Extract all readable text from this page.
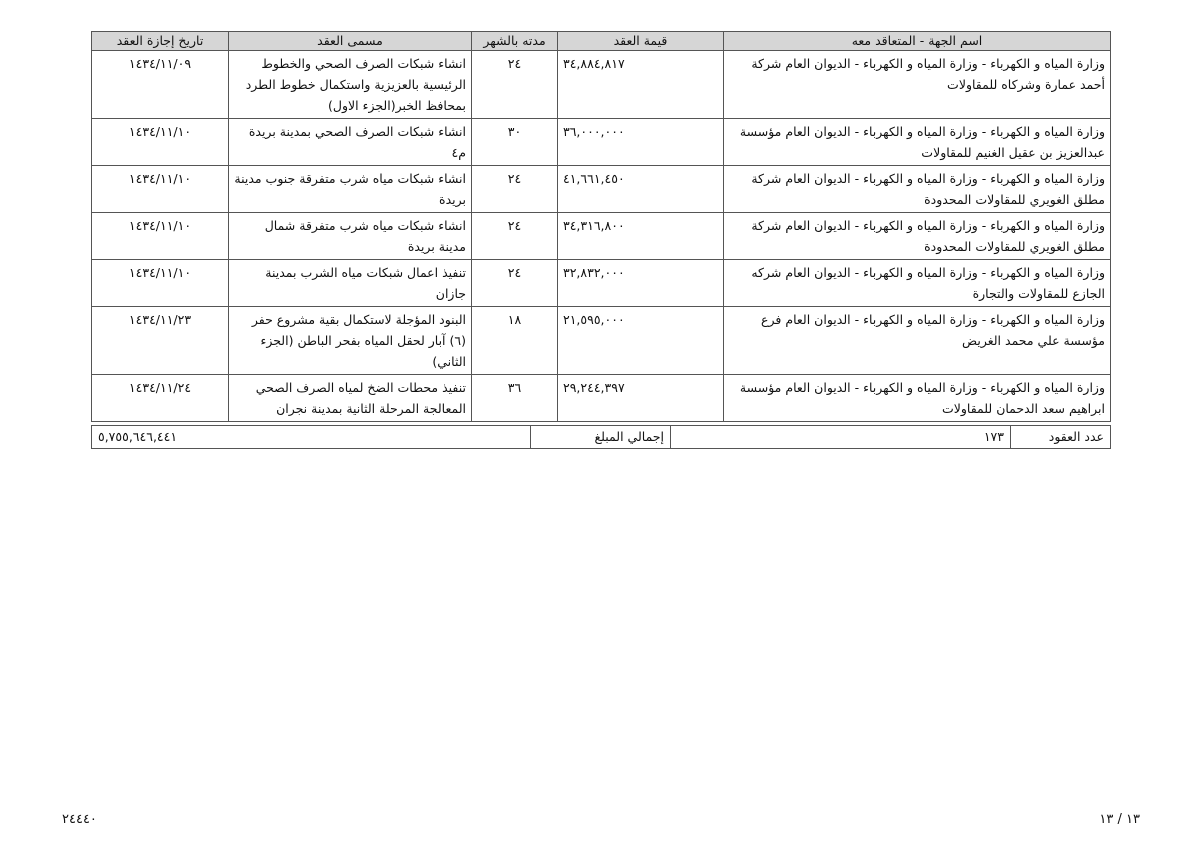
اسم الجهة - المتعاقد معه	قيمة العقد	مدته بالشهر	مسمى العقد	تاريخ إجازة العقد
وزارة المياه و الكهرباء - وزارة المياه و الكهرباء - الديوان العام شركة أحمد عمارة وشركاه للمقاولات	٣٤,٨٨٤,٨١٧	٢٤	انشاء شبكات الصرف الصحي والخطوط الرئيسية بالعزيزية واستكمال خطوط الطرد بمحافظ الخبر(الجزء الاول)	١٤٣٤/١١/٠٩
وزارة المياه و الكهرباء - وزارة المياه و الكهرباء - الديوان العام مؤسسة عبدالعزيز بن عقيل الغنيم للمقاولات	٣٦,٠٠٠,٠٠٠	٣٠	انشاء شبكات الصرف الصحي بمدينة بريدة م٤	١٤٣٤/١١/١٠
وزارة المياه و الكهرباء - وزارة المياه و الكهرباء - الديوان العام شركة مطلق الغويري للمقاولات المحدودة	٤١,٦٦١,٤٥٠	٢٤	انشاء شبكات مياه شرب متفرقة جنوب مدينة بريدة	١٤٣٤/١١/١٠
وزارة المياه و الكهرباء - وزارة المياه و الكهرباء - الديوان العام شركة مطلق الغويري للمقاولات المحدودة	٣٤,٣١٦,٨٠٠	٢٤	انشاء شبكات مياه شرب متفرقة شمال مدينة بريدة	١٤٣٤/١١/١٠
وزارة المياه و الكهرباء - وزارة المياه و الكهرباء - الديوان العام شركه الجازع للمقاولات والتجارة	٣٢,٨٣٢,٠٠٠	٢٤	تنفيذ اعمال شبكات مياه الشرب بمدينة جازان	١٤٣٤/١١/١٠
وزارة المياه و الكهرباء - وزارة المياه و الكهرباء - الديوان العام فرع مؤسسة علي محمد الغريض	٢١,٥٩٥,٠٠٠	١٨	البنود المؤجلة لاستكمال بقية مشروع حفر (٦) آبار لحقل المياه بفحر الباطن (الجزء الثاني)	١٤٣٤/١١/٢٣
وزارة المياه و الكهرباء - وزارة المياه و الكهرباء - الديوان العام مؤسسة ابراهيم سعد الدحمان للمقاولات	٢٩,٢٤٤,٣٩٧	٣٦	تنفيذ محطات الضخ لمياه الصرف الصحي المعالجة المرحلة الثانية بمدينة نجران	١٤٣٤/١١/٢٤
عدد العقود	١٧٣	إجمالي المبلغ	٥,٧٥٥,٦٤٦,٤٤١
٢٤٤٤٠	١٣ / ١٣
